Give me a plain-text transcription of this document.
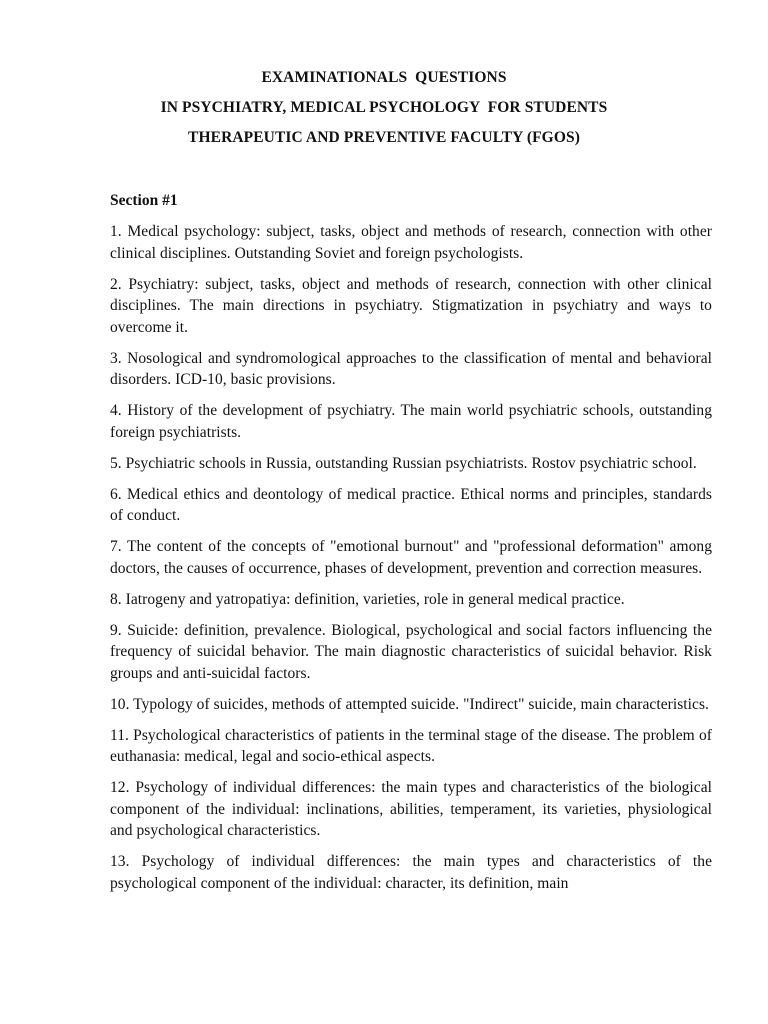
EXAMINATIONALS  QUESTIONS
IN PSYCHIATRY, MEDICAL PSYCHOLOGY  FOR STUDENTS
THERAPEUTIC AND PREVENTIVE FACULTY (FGOS)
Section #1

1. Medical psychology: subject, tasks, object and methods of research, connection with other clinical disciplines. Outstanding Soviet and foreign psychologists.

2. Psychiatry: subject, tasks, object and methods of research, connection with other clinical disciplines. The main directions in psychiatry. Stigmatization in psychiatry and ways to overcome it.

3. Nosological and syndromological approaches to the classification of mental and behavioral disorders. ICD-10, basic provisions.

4. History of the development of psychiatry. The main world psychiatric schools, outstanding foreign psychiatrists.

5. Psychiatric schools in Russia, outstanding Russian psychiatrists. Rostov psychiatric school.

6. Medical ethics and deontology of medical practice. Ethical norms and principles, standards of conduct.

7. The content of the concepts of "emotional burnout" and "professional deformation" among doctors, the causes of occurrence, phases of development, prevention and correction measures.

8. Iatrogeny and yatropatiya: definition, varieties, role in general medical practice.

9. Suicide: definition, prevalence. Biological, psychological and social factors influencing the frequency of suicidal behavior. The main diagnostic characteristics of suicidal behavior. Risk groups and anti-suicidal factors.

10. Typology of suicides, methods of attempted suicide. "Indirect" suicide, main characteristics.

11. Psychological characteristics of patients in the terminal stage of the disease. The problem of euthanasia: medical, legal and socio-ethical aspects.

12. Psychology of individual differences: the main types and characteristics of the biological component of the individual: inclinations, abilities, temperament, its varieties, physiological and psychological characteristics.

13. Psychology of individual differences: the main types and characteristics of the psychological component of the individual: character, its definition, main
